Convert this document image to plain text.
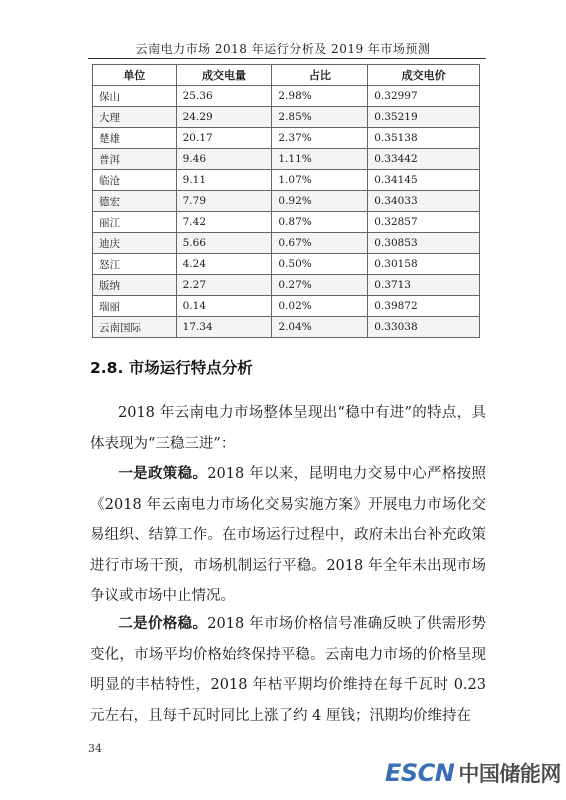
云南电力市场 2018 年运行分析及 2019 年市场预测
单位	成交电量	占比	成交电价
保山	25.36	2.98%	0.32997
大理	24.29	2.85%	0.35219
楚雄	20.17	2.37%	0.35138
普洱	9.46	1.11%	0.33442
临沧	9.11	1.07%	0.34145
德宏	7.79	0.92%	0.34033
丽江	7.42	0.87%	0.32857
迪庆	5.66	0.67%	0.30853
怒江	4.24	0.50%	0.30158
版纳	2.27	0.27%	0.3713
瑞丽	0.14	0.02%	0.39872
云南国际	17.34	2.04%	0.33038
2.8. 市场运行特点分析
2018 年云南电力市场整体呈现出“稳中有进”的特点，具体表现为“三稳三进”：
一是政策稳。2018 年以来，昆明电力交易中心严格按照《2018 年云南电力市场化交易实施方案》开展电力市场化交易组织、结算工作。在市场运行过程中，政府未出台补充政策进行市场干预，市场机制运行平稳。2018 年全年未出现市场争议或市场中止情况。
二是价格稳。2018 年市场价格信号准确反映了供需形势变化，市场平均价格始终保持平稳。云南电力市场的价格呈现明显的丰枯特性，2018 年枯平期均价维持在每千瓦时 0.23 元左右，且每千瓦时同比上涨了约 4 厘钱；汛期均价维持在
34
ESCN 中国储能网
